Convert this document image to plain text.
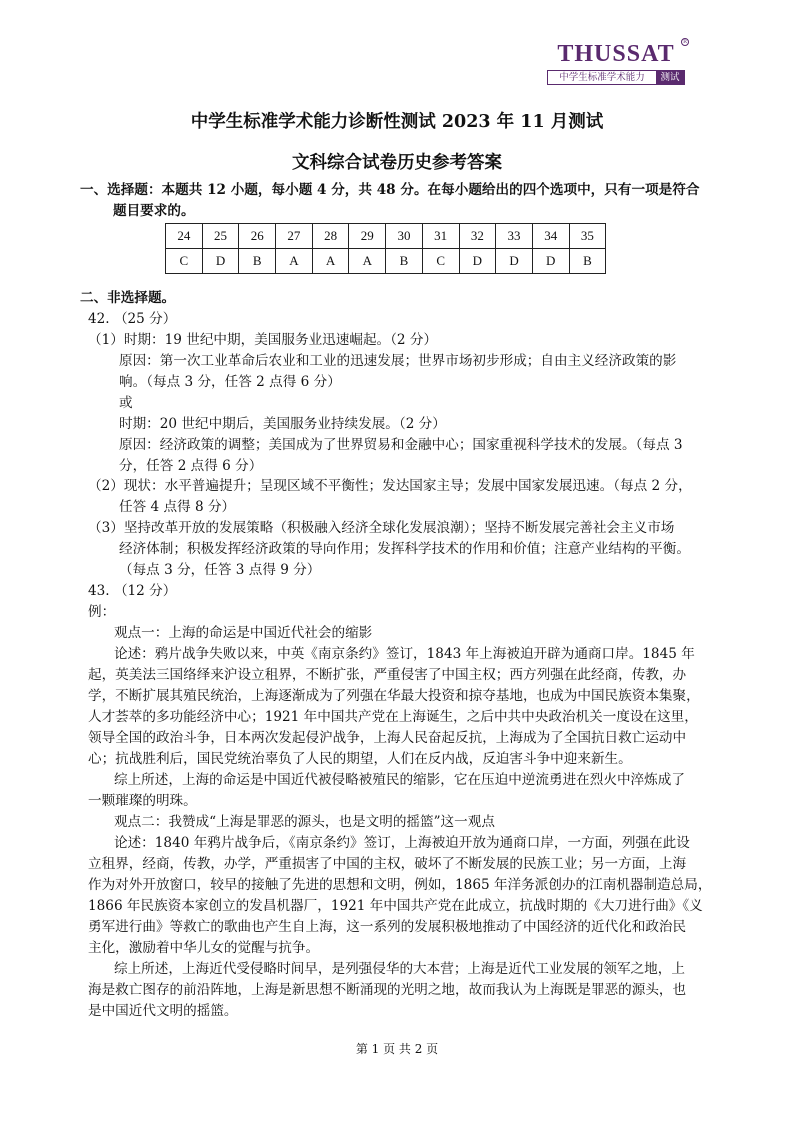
THUSSAT	R
中学生标准学术能力	测试
中学生标准学术能力诊断性测试 2023 年 11 月测试
文科综合试卷历史参考答案
一、选择题：本题共 12 小题，每小题 4 分，共 48 分。在每小题给出的四个选项中，只有一项是符合
题目要求的。
24	25	26	27	28	29	30	31	32	33	34	35
C	D	B	A	A	A	B	C	D	D	D	B
二、非选择题。
42. （25 分）
（1）时期：19 世纪中期，美国服务业迅速崛起。（2 分）
原因：第一次工业革命后农业和工业的迅速发展；世界市场初步形成；自由主义经济政策的影
响。（每点 3 分，任答 2 点得 6 分）
或
时期：20 世纪中期后，美国服务业持续发展。（2 分）
原因：经济政策的调整；美国成为了世界贸易和金融中心；国家重视科学技术的发展。（每点 3
分，任答 2 点得 6 分）
（2）现状：水平普遍提升；呈现区域不平衡性；发达国家主导；发展中国家发展迅速。（每点 2 分，
任答 4 点得 8 分）
（3）坚持改革开放的发展策略（积极融入经济全球化发展浪潮）；坚持不断发展完善社会主义市场
经济体制；积极发挥经济政策的导向作用；发挥科学技术的作用和价值；注意产业结构的平衡。
（每点 3 分，任答 3 点得 9 分）
43. （12 分）
例：
观点一：上海的命运是中国近代社会的缩影
论述：鸦片战争失败以来，中英《南京条约》签订，1843 年上海被迫开辟为通商口岸。1845 年
起，英美法三国络绎来沪设立租界，不断扩张，严重侵害了中国主权；西方列强在此经商，传教，办
学，不断扩展其殖民统治，上海逐渐成为了列强在华最大投资和掠夺基地，也成为中国民族资本集聚，
人才荟萃的多功能经济中心；1921 年中国共产党在上海诞生，之后中共中央政治机关一度设在这里，
领导全国的政治斗争，日本两次发起侵沪战争，上海人民奋起反抗，上海成为了全国抗日救亡运动中
心；抗战胜利后，国民党统治辜负了人民的期望，人们在反内战，反迫害斗争中迎来新生。
综上所述，上海的命运是中国近代被侵略被殖民的缩影，它在压迫中逆流勇进在烈火中淬炼成了
一颗璀璨的明珠。
观点二：我赞成“上海是罪恶的源头，也是文明的摇篮”这一观点
论述：1840 年鸦片战争后，《南京条约》签订，上海被迫开放为通商口岸，一方面，列强在此设
立租界，经商，传教，办学，严重损害了中国的主权，破坏了不断发展的民族工业；另一方面，上海
作为对外开放窗口，较早的接触了先进的思想和文明，例如，1865 年洋务派创办的江南机器制造总局，
1866 年民族资本家创立的发昌机器厂，1921 年中国共产党在此成立，抗战时期的《大刀进行曲》《义
勇军进行曲》等救亡的歌曲也产生自上海，这一系列的发展积极地推动了中国经济的近代化和政治民
主化，激励着中华儿女的觉醒与抗争。
综上所述，上海近代受侵略时间早，是列强侵华的大本营；上海是近代工业发展的领军之地，上
海是救亡图存的前沿阵地，上海是新思想不断涌现的光明之地，故而我认为上海既是罪恶的源头，也
是中国近代文明的摇篮。
第 1 页 共 2 页
